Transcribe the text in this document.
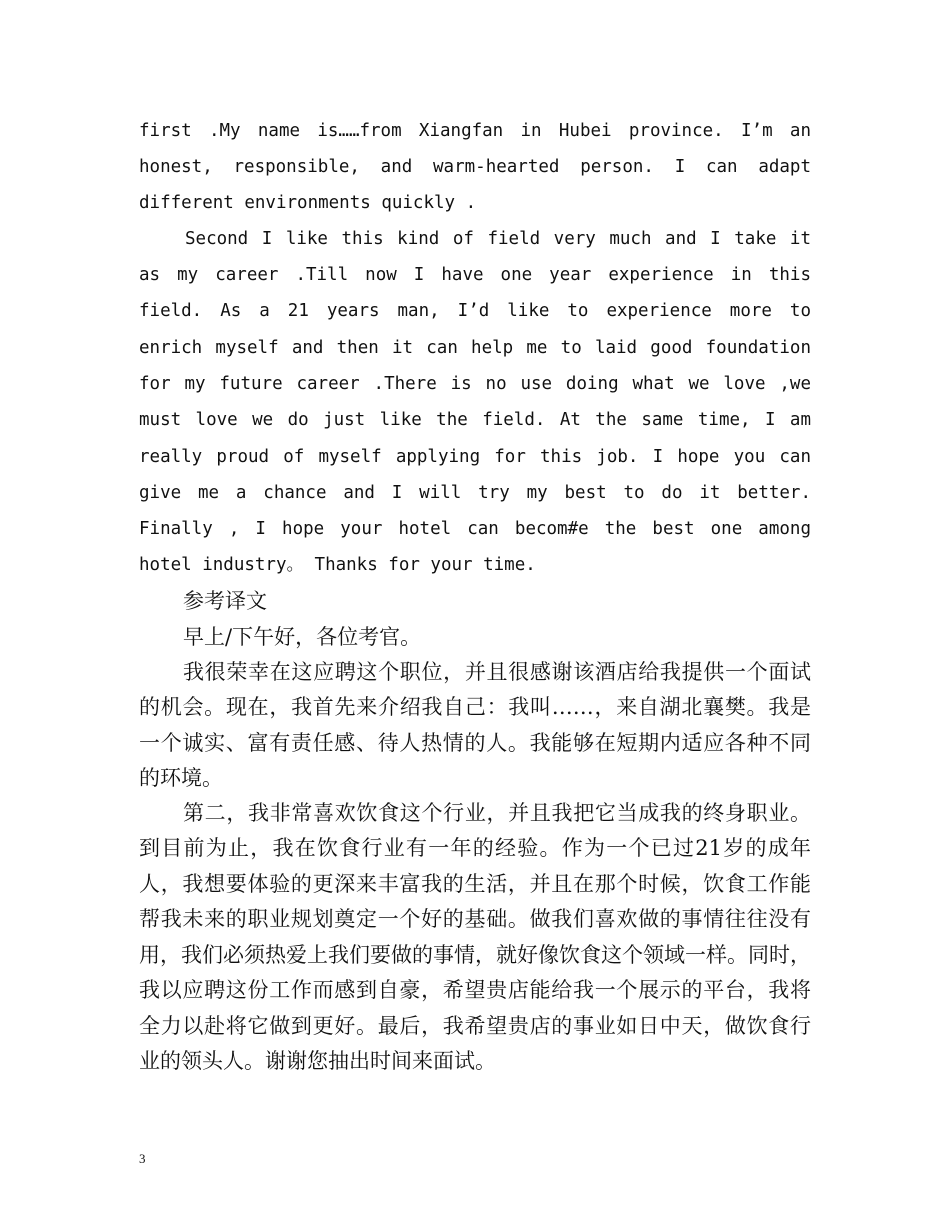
first .My name is……from Xiangfan in Hubei province. I’m an
honest, responsible, and warm-hearted person. I can adapt
different environments quickly .
Second I like this kind of field very much and I take it
as my career .Till now I have one year experience in this
field. As a 21 years man, I’d like to experience more to
enrich myself and then it can help me to laid good foundation
for my future career .There is no use doing what we love ,we
must love we do just like the field. At the same time, I am
really proud of myself applying for this job. I hope you can
give me a chance and I will try my best to do it better.
Finally , I hope your hotel can becom#e the best one among
hotel industry。 Thanks for your time.
参考译文
早上/下午好，各位考官。
我很荣幸在这应聘这个职位，并且很感谢该酒店给我提供一个面试
的机会。现在，我首先来介绍我自己：我叫……，来自湖北襄樊。我是
一个诚实、富有责任感、待人热情的人。我能够在短期内适应各种不同
的环境。
第二，我非常喜欢饮食这个行业，并且我把它当成我的终身职业。
到目前为止，我在饮食行业有一年的经验。作为一个已过21岁的成年
人，我想要体验的更深来丰富我的生活，并且在那个时候，饮食工作能
帮我未来的职业规划奠定一个好的基础。做我们喜欢做的事情往往没有
用，我们必须热爱上我们要做的事情，就好像饮食这个领域一样。同时，
我以应聘这份工作而感到自豪，希望贵店能给我一个展示的平台，我将
全力以赴将它做到更好。最后，我希望贵店的事业如日中天，做饮食行
业的领头人。谢谢您抽出时间来面试。
3
